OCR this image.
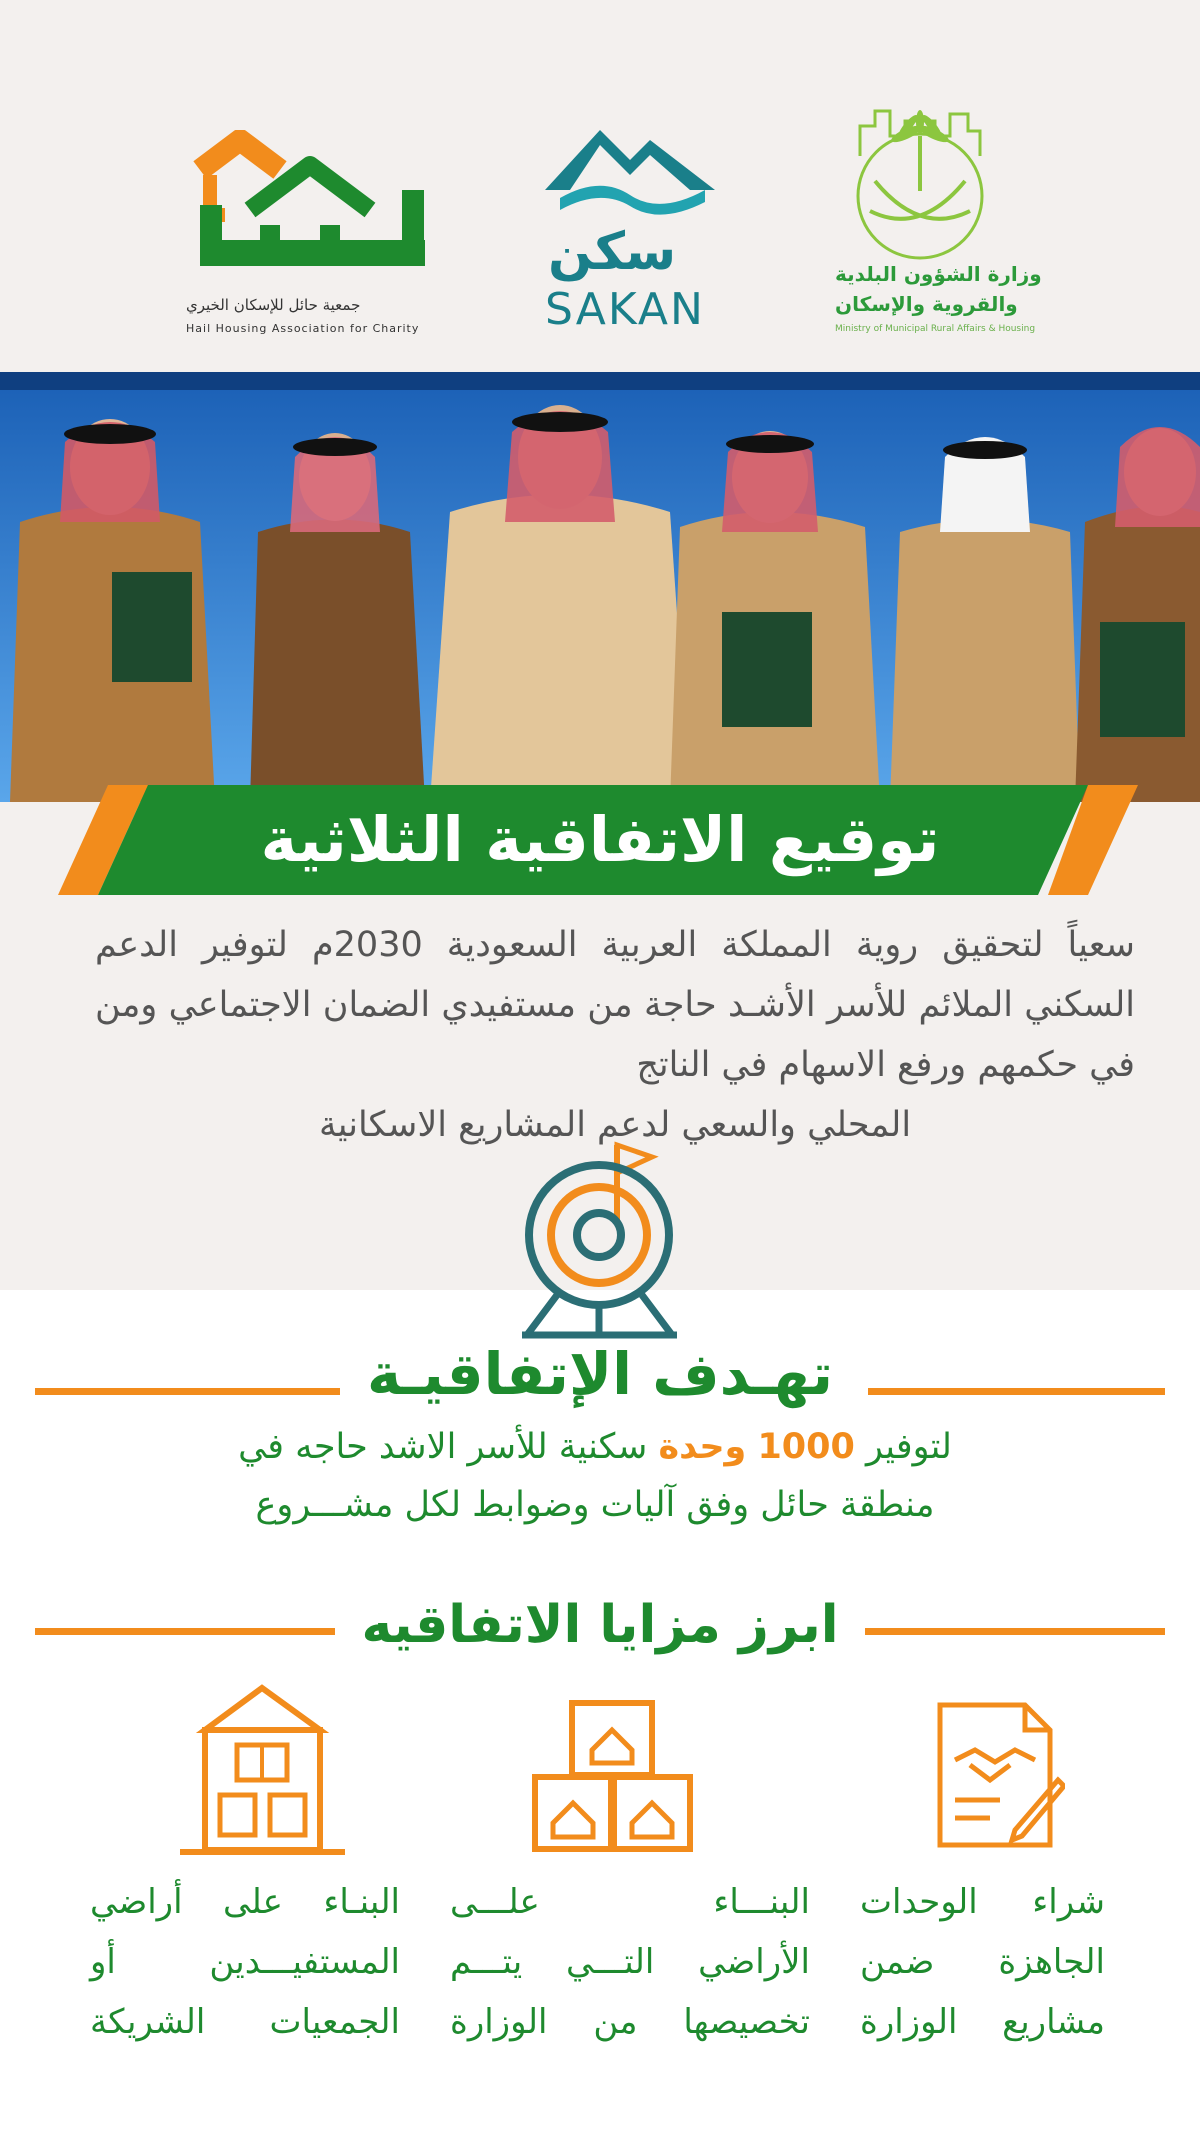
وزارة الشؤون البلدية
والقروية والإسكان
Ministry of Municipal Rural Affairs & Housing
سكن
SAKAN
جمعية حائل للإسكان الخيري
Hail Housing Association for Charity
توقيع الاتفاقية الثلاثية
سعياً لتحقيق روية المملكة العربية السعودية 2030م لتوفير الدعم السكني الملائم للأسر الأشـد حاجة من مستفيدي الضمان الاجتماعي ومن في حكمهم ورفع الاسهام في الناتج
المحلي والسعي لدعم المشاريع الاسكانية
تهـدف الإتفاقيـة
لتوفير 1000 وحدة سكنية للأسر الاشد حاجه في
منطقة حائل وفق آليات وضوابط لكل مشـــروع
ابرز مزايا الاتفاقيه
شراء الوحدات
الجاهزة ضمن
مشاريع الوزارة
البنـــاء علـــى
الأراضي التـــي يتـــم
تخصيصها من الوزارة
البنـاء على أراضي
المستفيـــدين أو
الجمعيات الشريكة
